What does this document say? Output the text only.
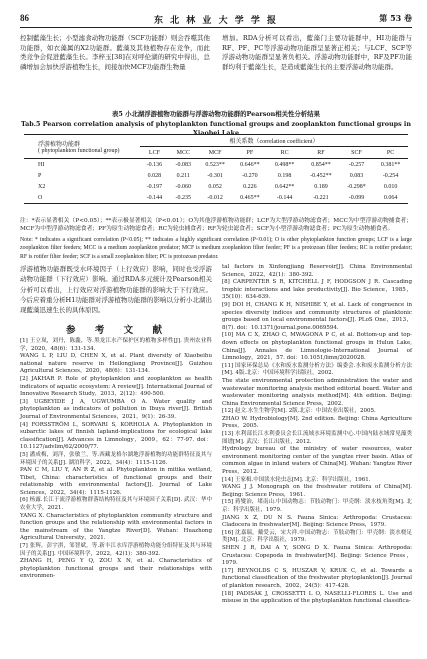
86	东 北 林 业 大 学 学 报	第 53 卷
控制藍藻生长；小型滤食动物功能群（SCF功能群）则会吞噬其他功能群，如衣藻属的X2功能群。藍藻及其他植物存在竞争，而此类竞争会促进藍藻生长。李梓玉[38]在对呼伦湖的研究中得出，总磷增加会加快浮游植物生长，间接加快MCF功能群生物量
增加。RDA分析可以看出，藍藻门主要功能群中，HI功能群与RF、PF、PC等浮游动物功能群呈显著正相关；与LCF、SCF等浮游动物功能群呈显著负相关。浮游动物功能群中，RF及PF功能群均利于藍藻生长，是造成藍藻生长的主要浮游动物功能群。
表5 小北湖浮游植物功能群与浮游动物功能群的Pearson相关性分析结果
Tab.5 Pearson correlation analysis of phytoplankton functional groups and zooplankton functional groups in Xiaobei Lake
浮游植物功能群
( phytoplankton functional group)	相关系数（correlation coefficient）							
	LCF	MCC	MCF	PF	RC	RF	SCF	PC
HI	-0.136	-0.083	0.523**	0.646**	0.498**	0.854**	-0.257	0.381**
P	0.028	0.211	-0.301	-0.270	0.198	-0.452**	0.083	-0.254
X2	-0.197	-0.060	0.052	0.226	0.642**	0.189	-0.298*	0.010
O	-0.144	-0.235	-0.012	0.465**	-0.144	-0.221	-0.099	0.064
注：*表示显著相关（P<0.05）；**表示极显著相关（P<0.01）；O为其他浮游植物功能群；LCF为大型浮游动物滤食者；MCC为中型浮游动物捕食者；MCF为中型浮游动物滤食者；PF为原生动物滤食者；RC为轮虫捕食者；RF为轮虫滤食者；SCF为小型浮游动物滤食者；PC为原生动物捕食者。
Note: * indicates a significant correlation (P<0.05); ** indicates a highly significant correlation (P<0.01); O is other phytoplankton function groups; LCF is a large zooplankton filter feeders; MCC is a medium zooplankton predator; MCF is medium zooplankton filter feeder; PF is a protozoan filter feeders; RC is rotifer predator; RF is rotifer filter feeder; SCF is a small zooplankton filter; PC is protozoan predator.
浮游植物功能群既受水环境因子（上行效应）影响，同时也受浮游动物功能群（下行效应）影响。通过RDA多元统计及Pearson相关分析可以看出，上行效应对浮游植物功能群的影响大于下行效应。今后应着重分析H1功能群对浮游植物功能群的影响以分析小北湖出现藍藻迅速生长的具体原因。
参 考 文 献

[1] 王立岚，刘丹，陈鑫，等.黑龙江水产保护区的植物多样性[J]. 贵州农业科学，2020，48(6)：131-134.

WANG L P, LIU D, CHEN X, et al. Plant diversity of Xiaobeihu national nature reserve in Heilongjiang Province[J]. Guizhou Agricultural Sciences，2020，48(6)：131-134.

[2] JAKHAR P. Role of phytoplankton and zooplankton as health indicators of aquatic ecosystem: A review[J]. International Journal of Innovative Research Study，2013，2(12)：490-500.

[3] UGBEYIDE J A, UGWUMBA O A. Water quality and phytoplankton as indicators of pollution in Ibuya river[J]. British Journal of Environmental Sciences，2021，9(1)：26-39.

[4] FORSSTRÖM L, SORVARI S, KORHOLA A. Phytoplankton in subarctic lakes of finnish lapland-implications for ecological lake classification[J]. Advances in Limnology，2009，62：77-97. doi：10.1127/advlim/62/2009/77.

[5] 潘成梅，刘洋，张敏兰，等.西藏龙格尔湖地浮游植物的功能群特征及其与环境因子的关系[J]. 湖泊科学，2022，34(4)：1115-1126.

PAN C M, LIU Y, AN R Z, et al. Phytoplankton in mitika wetland, Tibet, China: characteristics of functional groups and their relationship with environmental factors[J]. Journal of Lake Sciences，2022，34(4)：1115-1126.

[6] 杨露.长江干流浮游植物群落结构特征及其与环境因子关系[D]. 武汉：华中农业大学，2021.

YANG X. Characteristics of phytoplankton community structure and function groups and the relationship with environmental factors in the mainstream of the Yangtze River[D]. Wuhan: Huazhong Agricultural University，2021.

[7] 张辉，彭宇淇，邹智斌，等.新丰江水库浮游植物功能分组特征及其与环境因子的关系[J]. 中国环境科学，2022，42(1)：380-392.

ZHANG H, PENG Y Q, ZOU X N, et al. Characteristics of phytoplankton functional groups and their relationships with environmen-

tal factors in Xinfengjiang Reservoir[J]. China Environmental Science，2022，42(1)：380-392.

[8] CARPENTER S R, KITCHELL J F, HODGSON J R. Cascading trophic interactions and lake productivity[J]. Bio Science，1985，35(10)：634-639.

[9] DOI H, CHANG K H, NISHIBE Y, et al. Lack of congruence in species diversity indices and community structures of planktonic groups based on local environmental factors[J]. PLoS One，2013，8(7). doi：10.1371/journal.pone.0069594.

[10] MA C X, ZHAO C, MWAGONA P C, et al. Bottom-up and top-down effects on phytoplankton functional groups in Hulun Lake, China[J]. Annales de Limnologie-International Journal of Limnology，2021，57. doi：10.1051/limn/2020028.

[11] 国家环保总局《水和废水监测分析方法》编委会.水和废水监测分析方法[M]. 4版.北京：中国环境科学出版社，2002.

The state environmental protection administration the water and wastewater monitoring analysis method editorial board. Water and wastewater monitoring analysis method[M]. 4th edition. Beijing: China Environmental Science Press，2002.

[12] 赵文.水生生物学[M]. 2版.北京：中国农业出版社，2005.

ZHAO W. Hydrobiology[M]. 2nd edition. Beijing: China Agriculture Press，2005.

[13] 水利部长江水利委员会长江流域水环境监测中心.中国内陆水域常见藻类图谱[M]. 武汉：长江出版社，2012.

Hydrology bureau of the ministry of water resources, water environment monitoring center of the yangtze river basin. Atlas of common algae in inland waters of China[M]. Wuhan: Yangtze River Press，2012.

[14] 王家楫.中国淡水轮虫志[M]. 北京：科学出版社，1961.

WANG J J. Monograph on the freshwater rotifera of China[M]. Beijing: Science Press，1961.

[15] 蒋燮治，堵南山.中国动物志：节肢动物门：甲壳纲：淡水枝角类[M]. 北京：科学出版社，1979.

JIANG X Z, DU N S. Fauna Sinica: Arthropoda: Crustacea: Cladocera in freshwater[M]. Beijing: Science Press，1979.

[16] 沈嘉瑞，戴爱云，宋大祥.中国动物志：节肢动物门：甲壳纲：淡水桡足类[M]. 北京：科学出版社，1979.

SHEN J R, DAI A Y, SONG D X. Fauna Sinica: Arthropoda: Crustacea: Copepoda in freshwater[M]. Beijing: Science Press，1979.

[17] REYNOLDS C S, HUSZAR V, KRUK C, et al. Towards a functional classification of the freshwater phytoplankton[J]. Journal of plankton research，2002，24(5)：417-428.

[18] PADISÁK J, CROSSETTI L O, NASELLI-FLORES L. Use and misuse in the application of the phytoplankton functional classifica-
